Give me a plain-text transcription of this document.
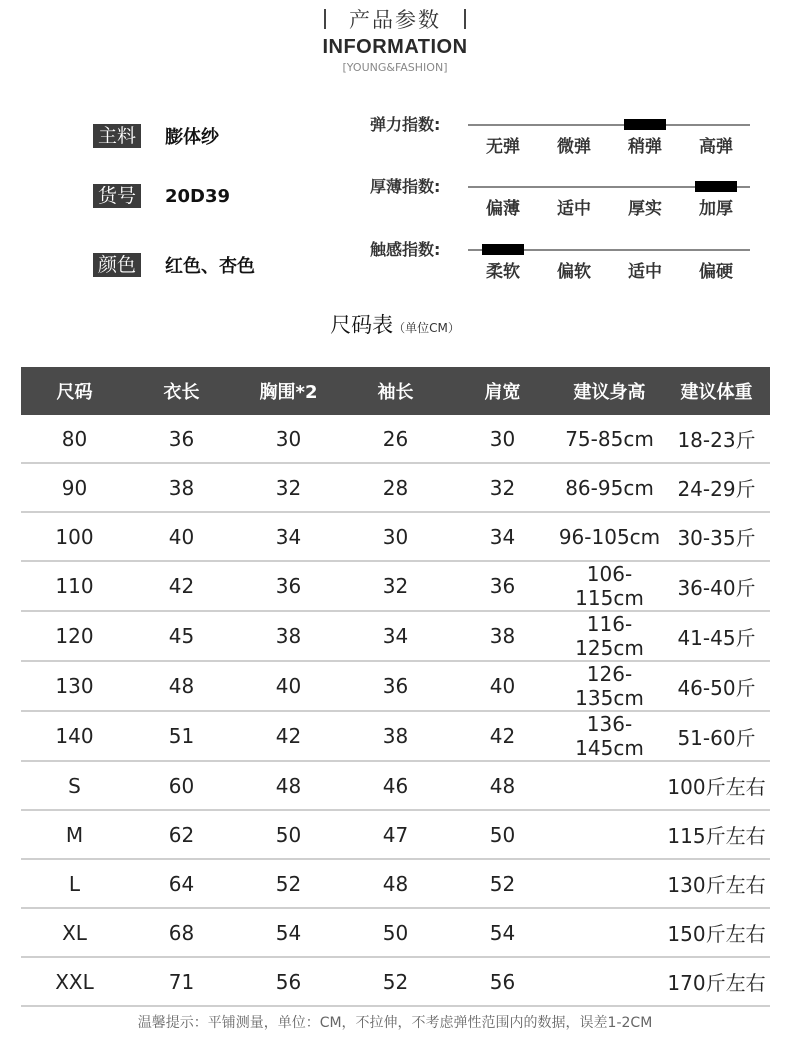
产品参数
INFORMATION
[YOUNG&FASHION]
主料 膨体纱
货号 20D39
颜色 红色、杏色
弹力指数:
无弹	微弹	稍弹	高弹
厚薄指数:
偏薄	适中	厚实	加厚
触感指数:
柔软	偏软	适中	偏硬
尺码表（单位CM）
尺码	衣长	胸围*2	袖长	肩宽	建议身高	建议体重
80	36	30	26	30	75-85cm	18-23斤
90	38	32	28	32	86-95cm	24-29斤
100	40	34	30	34	96-105cm	30-35斤
110	42	36	32	36	106-115cm	36-40斤
120	45	38	34	38	116-125cm	41-45斤
130	48	40	36	40	126-135cm	46-50斤
140	51	42	38	42	136-145cm	51-60斤
S	60	48	46	48		100斤左右
M	62	50	47	50		115斤左右
L	64	52	48	52		130斤左右
XL	68	54	50	54		150斤左右
XXL	71	56	52	56		170斤左右
温馨提示：平铺测量，单位：CM，不拉伸，不考虑弹性范围内的数据，误差1-2CM
